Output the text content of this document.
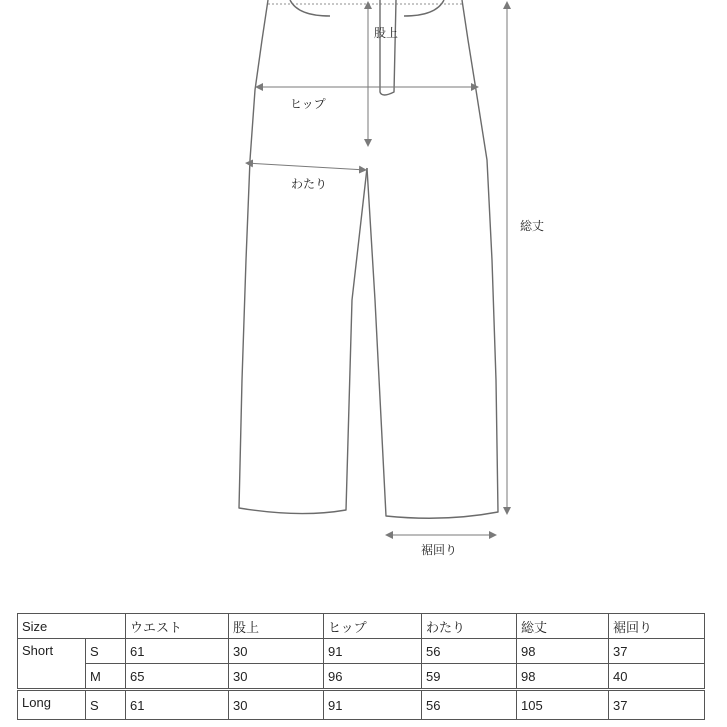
股上
ヒップ
わたり
総丈
裾回り
Size		ウエスト	股上	ヒップ	わたり	総丈	裾回り
Short	S	61	30	91	56	98	37
	M	65	30	96	59	98	40
Long	S	61	30	91	56	105	37
